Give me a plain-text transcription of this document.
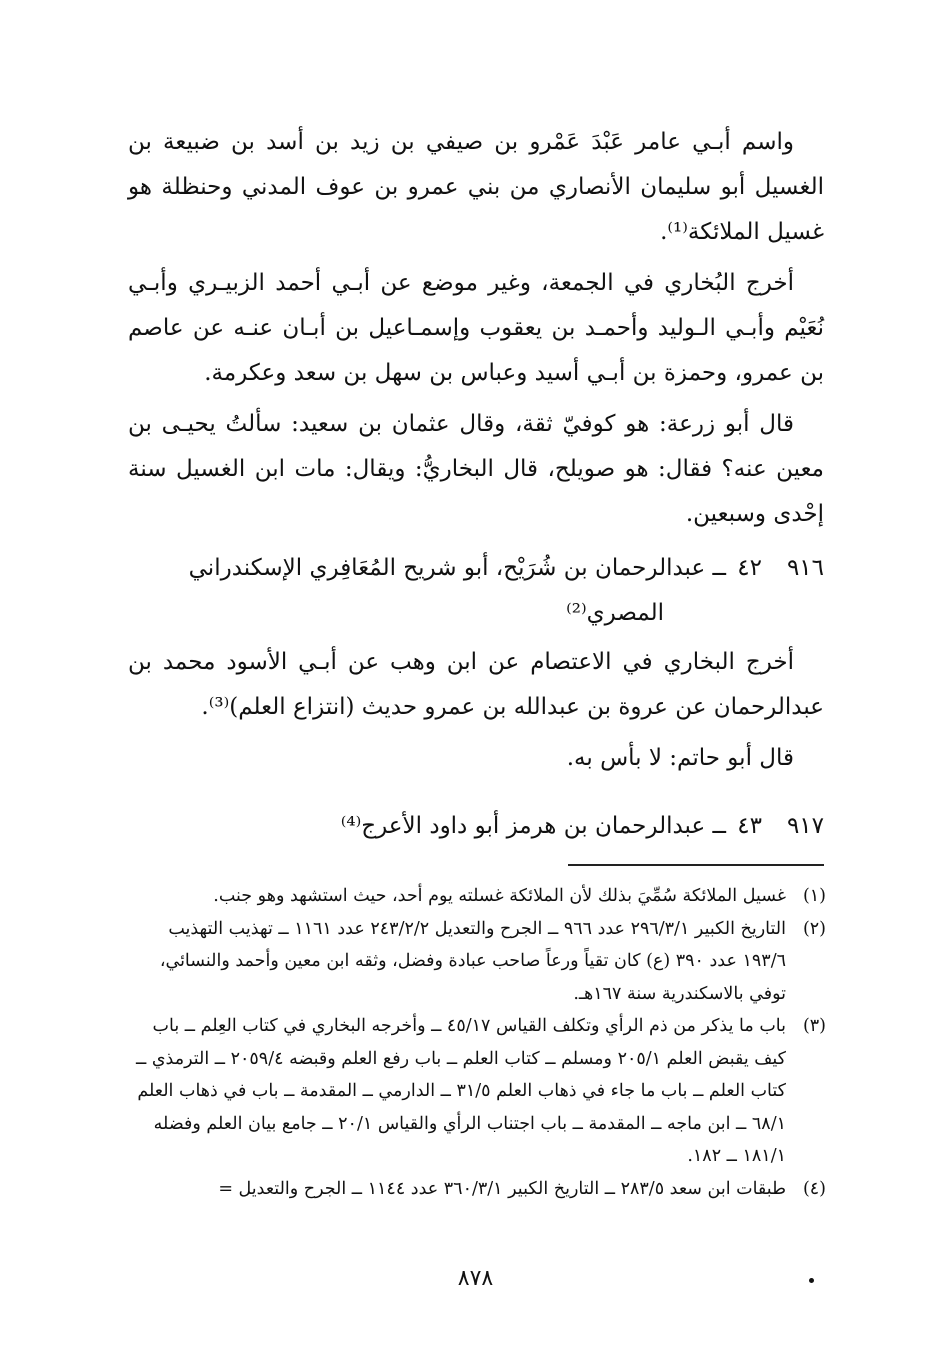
واسم أبـي عامر عَبْدَ عَمْرو بن صيفي بن زيد بن أسد بن ضبيعة بن الغسيل أبو سليمان الأنصاري من بني عمرو بن عوف المدني وحنظلة هو غسيل الملائكة⁽¹⁾.

أخرج البُخاري في الجمعة، وغير موضع عن أبـي أحمد الزبيـري وأبـي نُعَيْم وأبـي الـوليد وأحمـد بن يعقوب وإسمـاعيل بن أبـان عنـه عن عاصم بن عمرو، وحمزة بن أبـي أسيد وعباس بن سهل بن سعد وعكرمة.

قال أبو زرعة: هو كوفيّ ثقة، وقال عثمان بن سعيد: سألتُ يحيـى بن معين عنه؟ فقال: هو صويلح، قال البخاريُّ: ويقال: مات ابن الغسيل سنة إحْدى وسبعين.

٩١٦٤٢ــ عبدالرحمان بن شُرَيْح، أبو شريح المُعَافِري الإسكندراني
المصري⁽²⁾

أخرج البخاري في الاعتصام عن ابن وهب عن أبـي الأسود محمد بن عبدالرحمان عن عروة بن عبدالله بن عمرو حديث (انتزاع العلم)⁽³⁾.

قال أبو حاتم: لا بأس به.

٩١٧٤٣ــ عبدالرحمان بن هرمز أبو داود الأعرج⁽⁴⁾
(١)
غسيل الملائكة سُمِّيَ بذلك لأن الملائكة غسلته يوم أحد، حيث استشهد وهو جنب.
(٢)
التاريخ الكبير ٢٩٦/٣/١ عدد ٩٦٦ ــ الجرح والتعديل ٢٤٣/٢/٢ عدد ١١٦١ ــ تهذيب التهذيب ١٩٣/٦ عدد ٣٩٠ (ع) كان تقياً ورعاً صاحب عبادة وفضل، وثقه ابن معين وأحمد والنسائي، توفي بالاسكندرية سنة ١٦٧هـ.
(٣)
باب ما يذكر من ذم الرأي وتكلف القياس ٤٥/١٧ ــ وأخرجه البخاري في كتاب العِلم ــ باب كيف يقبض العلم ٢٠٥/١ ومسلم ــ كتاب العلم ــ باب رفع العلم وقبضه ٢٠٥٩/٤ ــ الترمذي ــ كتاب العلم ــ باب ما جاء في ذهاب العلم ٣١/٥ ــ الدارمي ــ المقدمة ــ باب في ذهاب العلم ٦٨/١ ــ ابن ماجه ــ المقدمة ــ باب اجتناب الرأي والقياس ٢٠/١ ــ جامع بيان العلم وفضله ١٨١/١ ــ ١٨٢.
(٤)
طبقات ابن سعد ٢٨٣/٥ ــ التاريخ الكبير ٣٦٠/٣/١ عدد ١١٤٤ ــ الجرح والتعديل =
٨٧٨
